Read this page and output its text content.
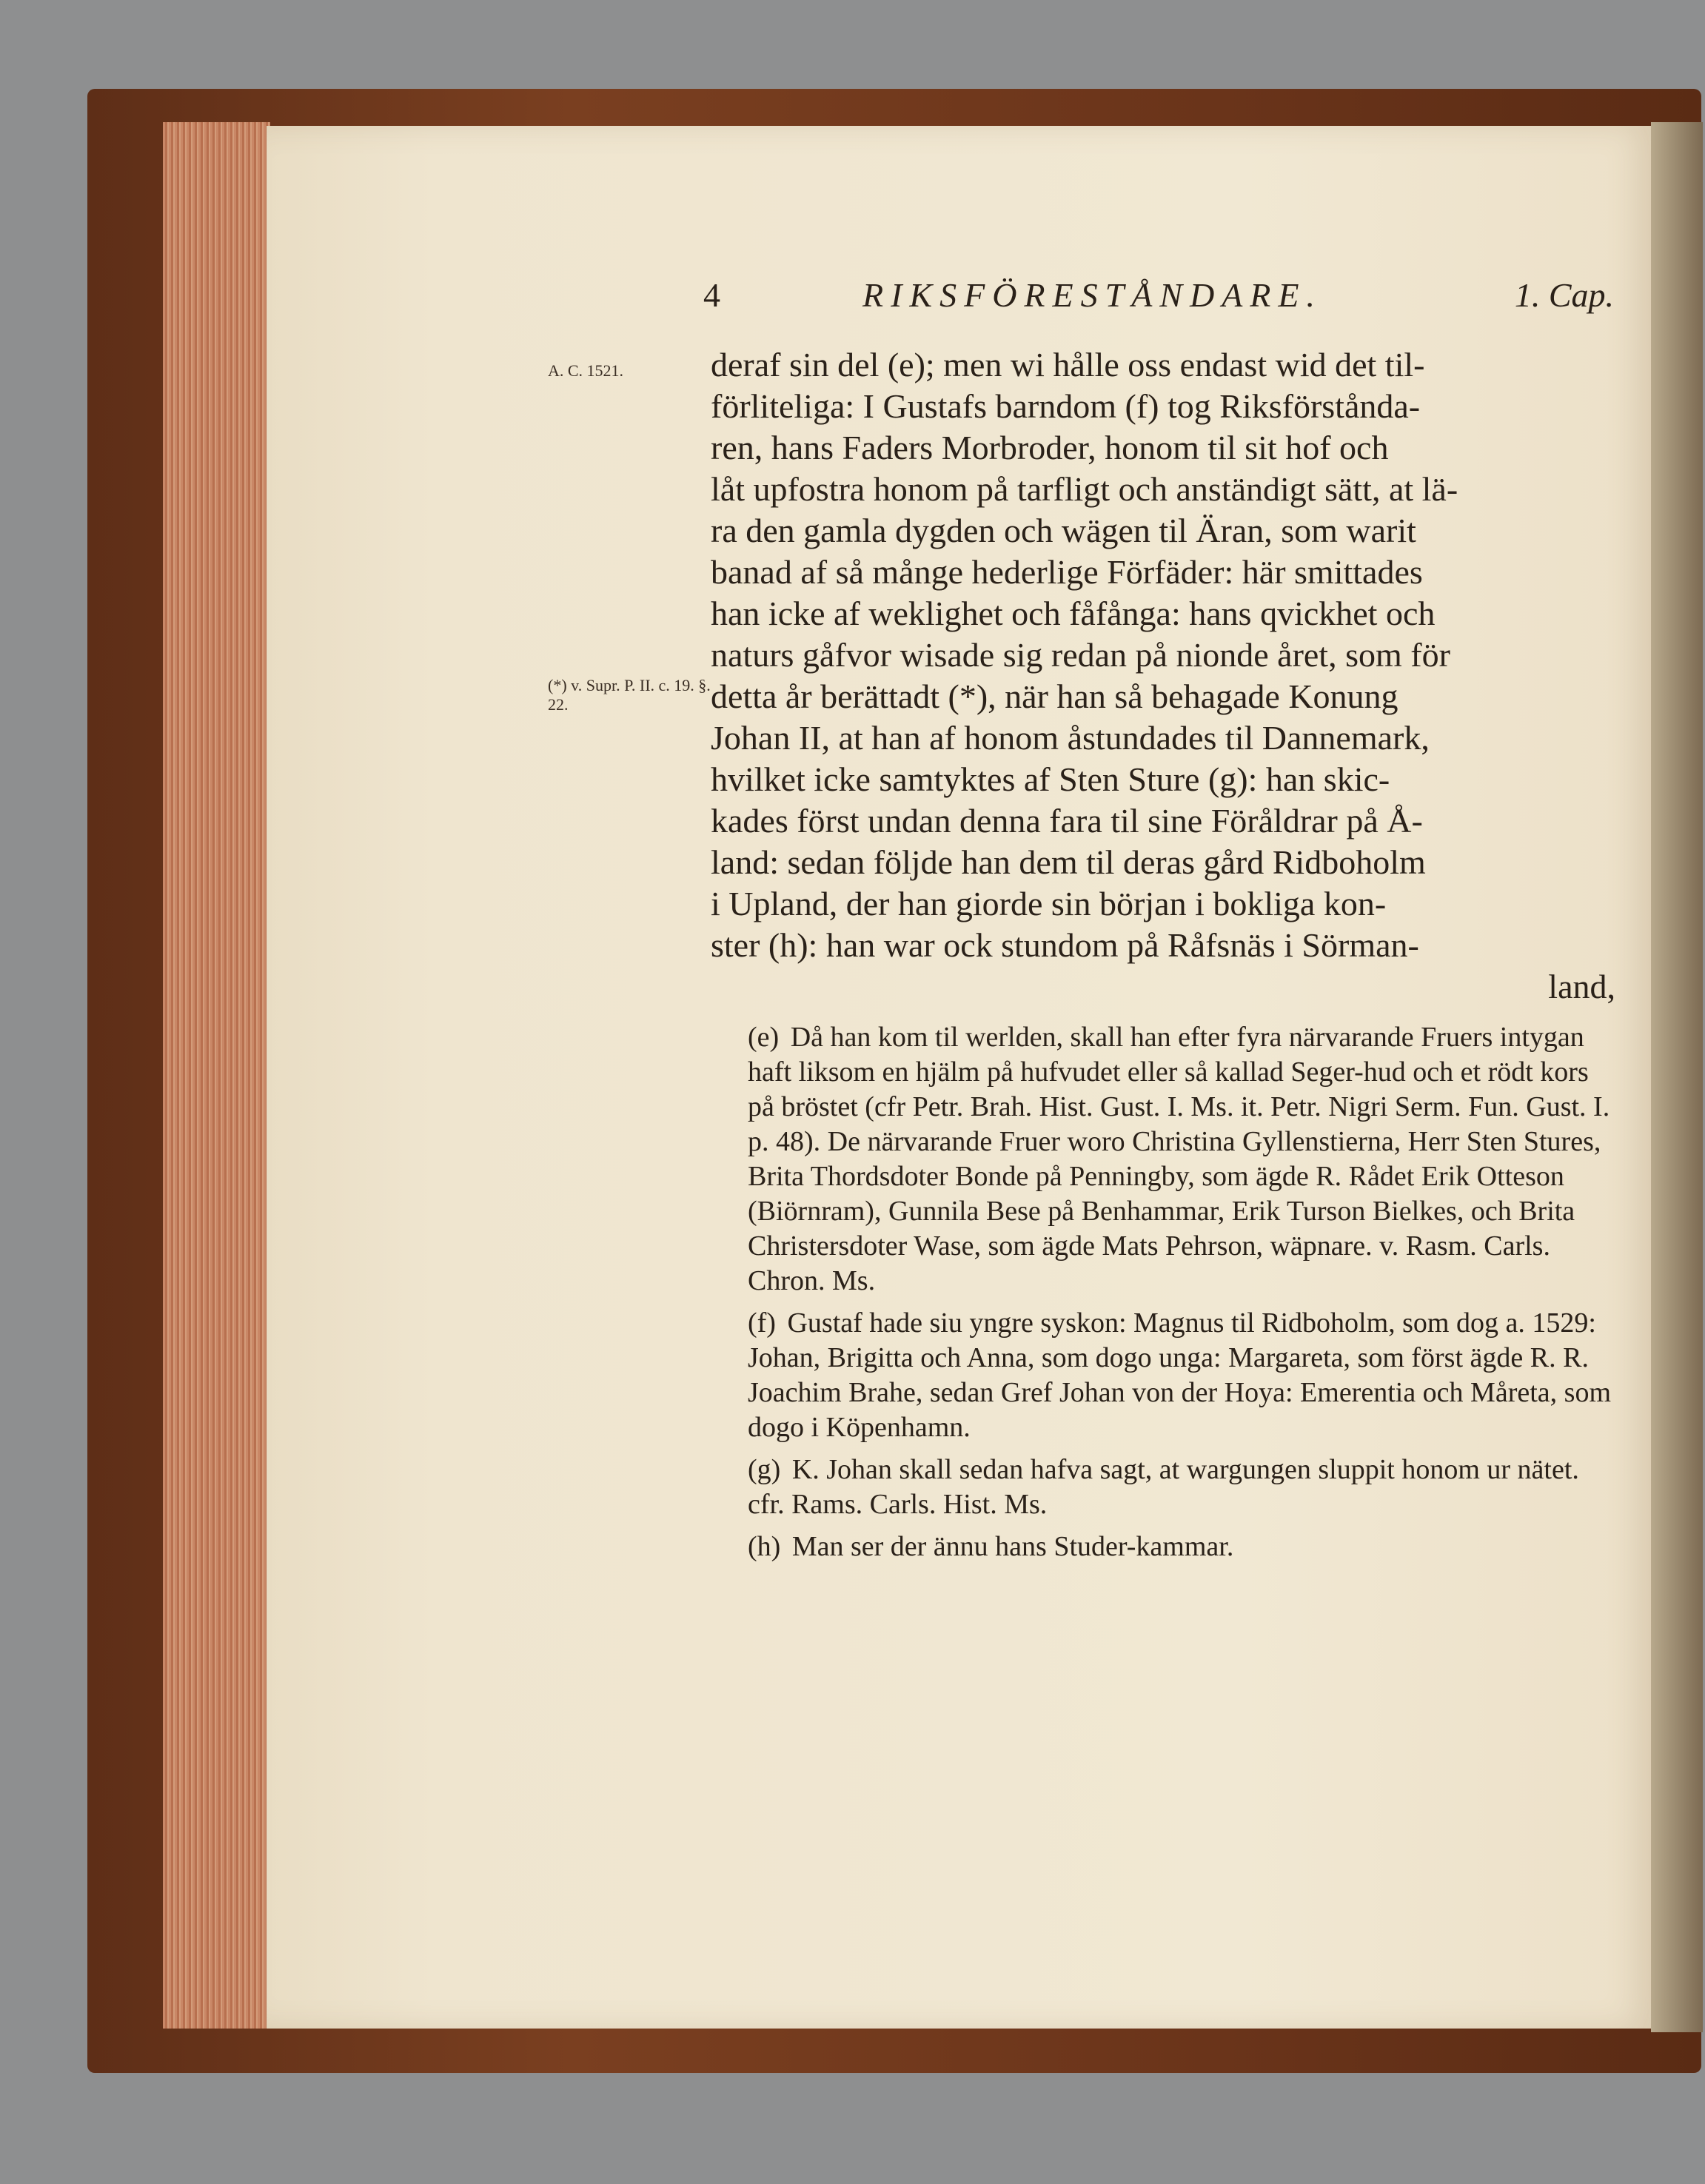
4	RIKSFÖRESTÅNDARE.	1. Cap.
A. C. 1521.
(*) v. Supr. P. II. c. 19. §. 22.
deraf sin del (e); men wi hålle oss endast wid det til-
förliteliga: I Gustafs barndom (f) tog Riksförstånda-
ren, hans Faders Morbroder, honom til sit hof och
låt upfostra honom på tarfligt och anständigt sätt, at lä-
ra den gamla dygden och wägen til Äran, som warit
banad af så månge hederlige Förfäder: här smittades
han icke af weklighet och fåfånga: hans qvickhet och
naturs gåfvor wisade sig redan på nionde året, som för
detta år berättadt (*), när han så behagade Konung
Johan II, at han af honom åstundades til Dannemark,
hvilket icke samtyktes af Sten Sture (g): han skic-
kades först undan denna fara til sine Föråldrar på Å-
land: sedan följde han dem til deras gård Ridboholm
i Upland, der han giorde sin början i bokliga kon-
ster (h): han war ock stundom på Råfsnäs i Sörman-
land,
(e) Då han kom til werlden, skall han efter fyra närvarande Fruers intygan haft liksom en hjälm på hufvudet eller så kallad Seger-hud och et rödt kors på bröstet (cfr Petr. Brah. Hist. Gust. I. Ms. it. Petr. Nigri Serm. Fun. Gust. I. p. 48). De närvarande Fruer woro Christina Gyllenstierna, Herr Sten Stures, Brita Thordsdoter Bonde på Penningby, som ägde R. Rådet Erik Otteson (Biörnram), Gunnila Bese på Benhammar, Erik Turson Bielkes, och Brita Christersdoter Wase, som ägde Mats Pehrson, wäpnare. v. Rasm. Carls. Chron. Ms.
(f) Gustaf hade siu yngre syskon: Magnus til Ridboholm, som dog a. 1529: Johan, Brigitta och Anna, som dogo unga: Margareta, som först ägde R. R. Joachim Brahe, sedan Gref Johan von der Hoya: Emerentia och Måreta, som dogo i Köpenhamn.
(g) K. Johan skall sedan hafva sagt, at wargungen sluppit honom ur nätet. cfr. Rams. Carls. Hist. Ms.
(h) Man ser der ännu hans Studer-kammar.
